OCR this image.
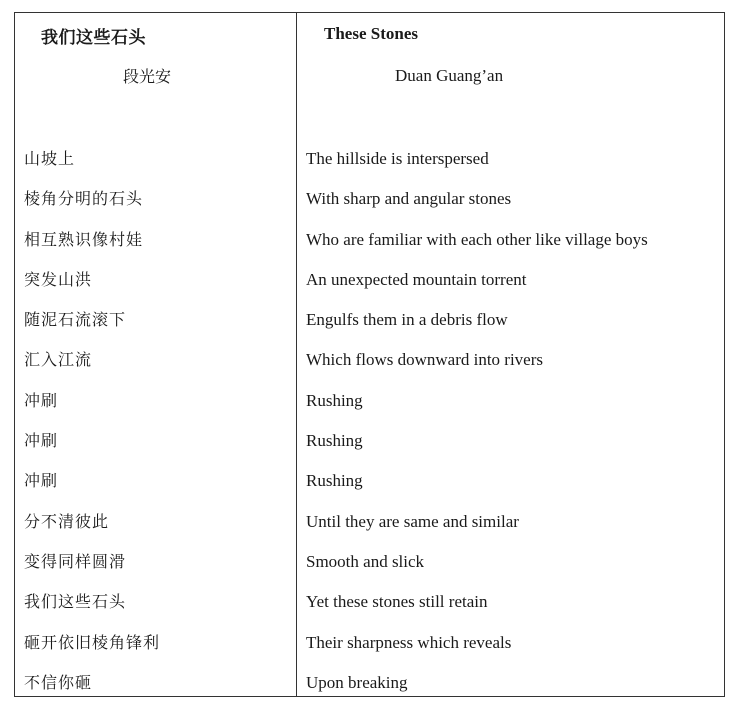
我们这些石头
段光安
山坡上
棱角分明的石头
相互熟识像村娃
突发山洪
随泥石流滚下
汇入江流
冲刷
冲刷
冲刷
分不清彼此
变得同样圆滑
我们这些石头
砸开依旧棱角锋利
不信你砸
These Stones
Duan Guang’an
The hillside is interspersed
With sharp and angular stones
Who are familiar with each other like village boys
An unexpected mountain torrent
Engulfs them in a debris flow
Which flows downward into rivers
Rushing
Rushing
Rushing
Until they are same and similar
Smooth and slick
Yet these stones still retain
Their sharpness which reveals
Upon breaking
